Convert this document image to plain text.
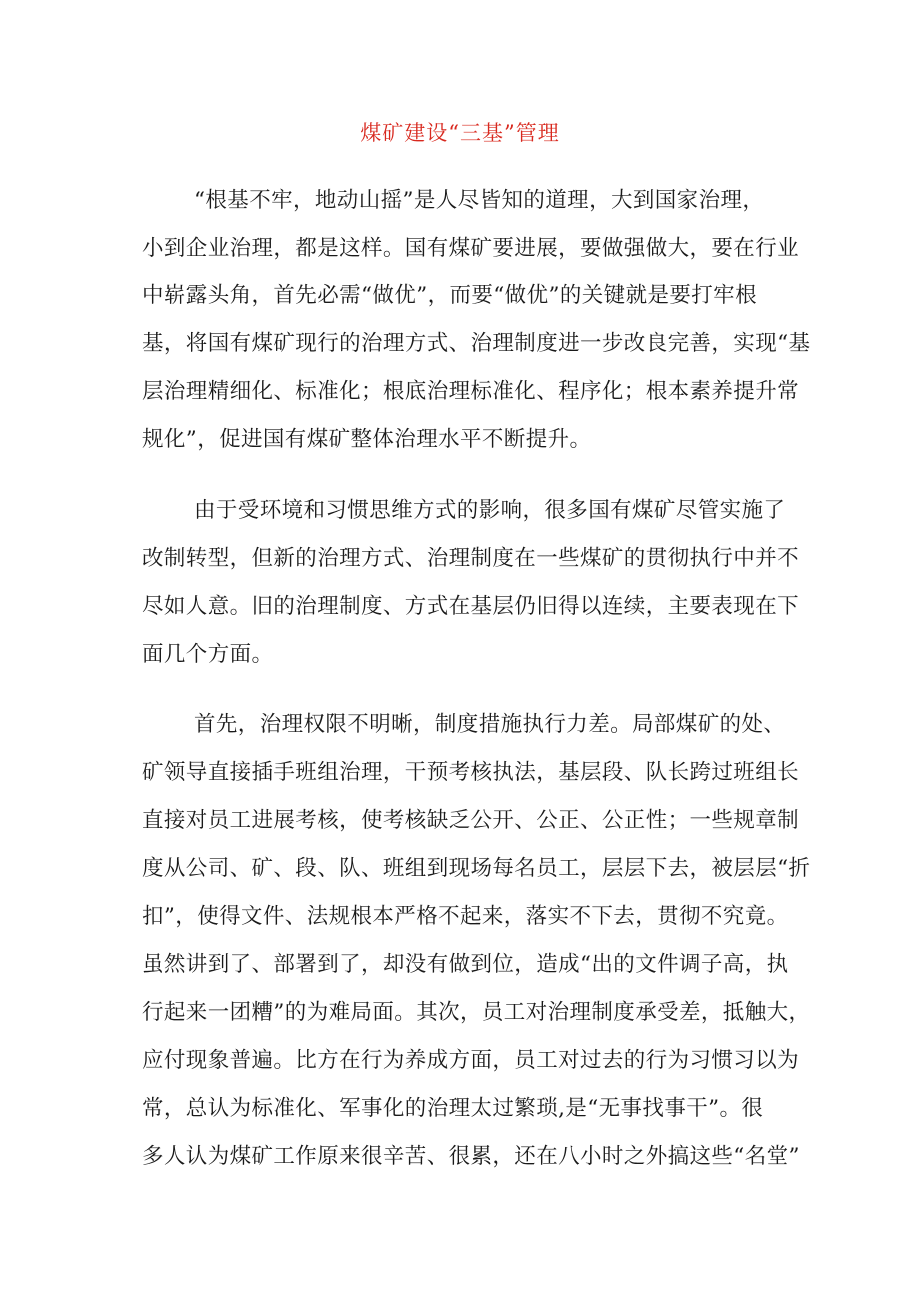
煤矿建设“三基”管理

“根基不牢，地动山摇”是人尽皆知的道理，大到国家治理，

小到企业治理，都是这样。国有煤矿要进展，要做强做大，要在行业

中崭露头角，首先必需“做优”，而要“做优”的关键就是要打牢根

基，将国有煤矿现行的治理方式、治理制度进一步改良完善，实现“基

层治理精细化、标准化；根底治理标准化、程序化；根本素养提升常

规化”，促进国有煤矿整体治理水平不断提升。

由于受环境和习惯思维方式的影响，很多国有煤矿尽管实施了

改制转型，但新的治理方式、治理制度在一些煤矿的贯彻执行中并不

尽如人意。旧的治理制度、方式在基层仍旧得以连续，主要表现在下

面几个方面。

首先，治理权限不明晰，制度措施执行力差。局部煤矿的处、

矿领导直接插手班组治理，干预考核执法，基层段、队长跨过班组长

直接对员工进展考核，使考核缺乏公开、公正、公正性；一些规章制

度从公司、矿、段、队、班组到现场每名员工，层层下去，被层层“折

扣”，使得文件、法规根本严格不起来，落实不下去，贯彻不究竟。

虽然讲到了、部署到了，却没有做到位，造成“出的文件调子高，执

行起来一团糟”的为难局面。其次，员工对治理制度承受差，抵触大，

应付现象普遍。比方在行为养成方面，员工对过去的行为习惯习以为

常，总认为标准化、军事化的治理太过繁琐,是“无事找事干”。很

多人认为煤矿工作原来很辛苦、很累，还在八小时之外搞这些“名堂”
